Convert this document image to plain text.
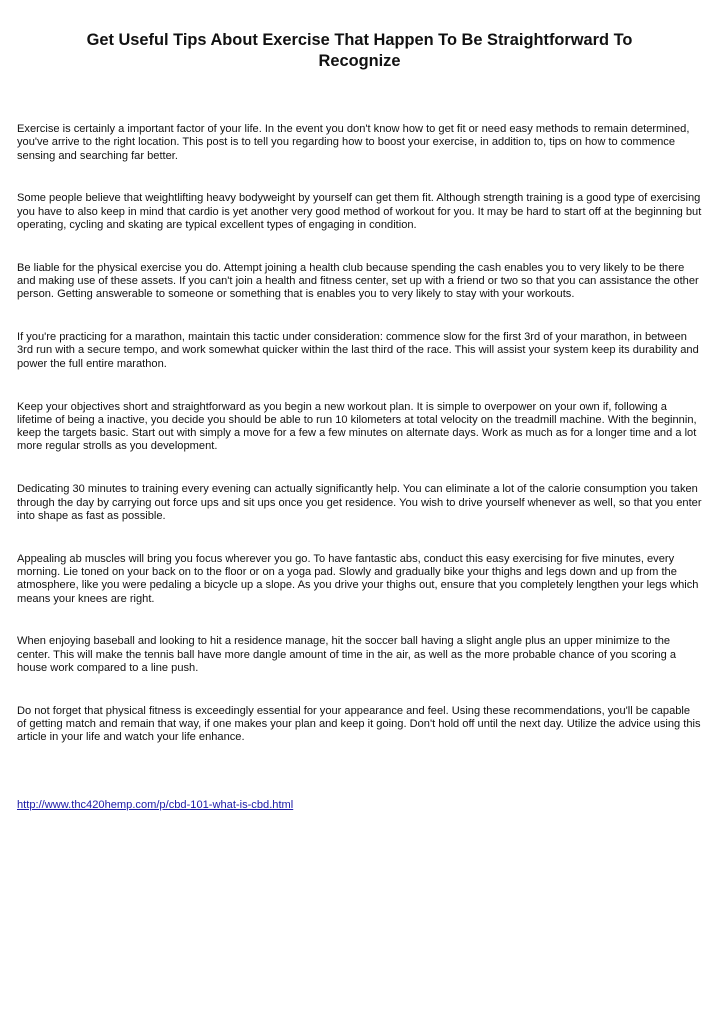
Get Useful Tips About Exercise That Happen To Be Straightforward To Recognize

Exercise is certainly a important factor of your life. In the event you don't know how to get fit or need easy methods to remain determined, you've arrive to the right location. This post is to tell you regarding how to boost your exercise, in addition to, tips on how to commence sensing and searching far better.

Some people believe that weightlifting heavy bodyweight by yourself can get them fit. Although strength training is a good type of exercising you have to also keep in mind that cardio is yet another very good method of workout for you. It may be hard to start off at the beginning but operating, cycling and skating are typical excellent types of engaging in condition.

Be liable for the physical exercise you do. Attempt joining a health club because spending the cash enables you to very likely to be there and making use of these assets. If you can't join a health and fitness center, set up with a friend or two so that you can assistance the other person. Getting answerable to someone or something that is enables you to very likely to stay with your workouts.

If you're practicing for a marathon, maintain this tactic under consideration: commence slow for the first 3rd of your marathon, in between 3rd run with a secure tempo, and work somewhat quicker within the last third of the race. This will assist your system keep its durability and power the full entire marathon.

Keep your objectives short and straightforward as you begin a new workout plan. It is simple to overpower on your own if, following a lifetime of being a inactive, you decide you should be able to run 10 kilometers at total velocity on the treadmill machine. With the beginnin, keep the targets basic. Start out with simply a move for a few a few minutes on alternate days. Work as much as for a longer time and a lot more regular strolls as you development.

Dedicating 30 minutes to training every evening can actually significantly help. You can eliminate a lot of the calorie consumption you taken through the day by carrying out force ups and sit ups once you get residence. You wish to drive yourself whenever as well, so that you enter into shape as fast as possible.

Appealing ab muscles will bring you focus wherever you go. To have fantastic abs, conduct this easy exercising for five minutes, every morning. Lie toned on your back on to the floor or on a yoga pad. Slowly and gradually bike your thighs and legs down and up from the atmosphere, like you were pedaling a bicycle up a slope. As you drive your thighs out, ensure that you completely lengthen your legs which means your knees are right.

When enjoying baseball and looking to hit a residence manage, hit the soccer ball having a slight angle plus an upper minimize to the center. This will make the tennis ball have more dangle amount of time in the air, as well as the more probable chance of you scoring a house work compared to a line push.

Do not forget that physical fitness is exceedingly essential for your appearance and feel. Using these recommendations, you'll be capable of getting match and remain that way, if one makes your plan and keep it going. Don't hold off until the next day. Utilize the advice using this article in your life and watch your life enhance.

http://www.thc420hemp.com/p/cbd-101-what-is-cbd.html
